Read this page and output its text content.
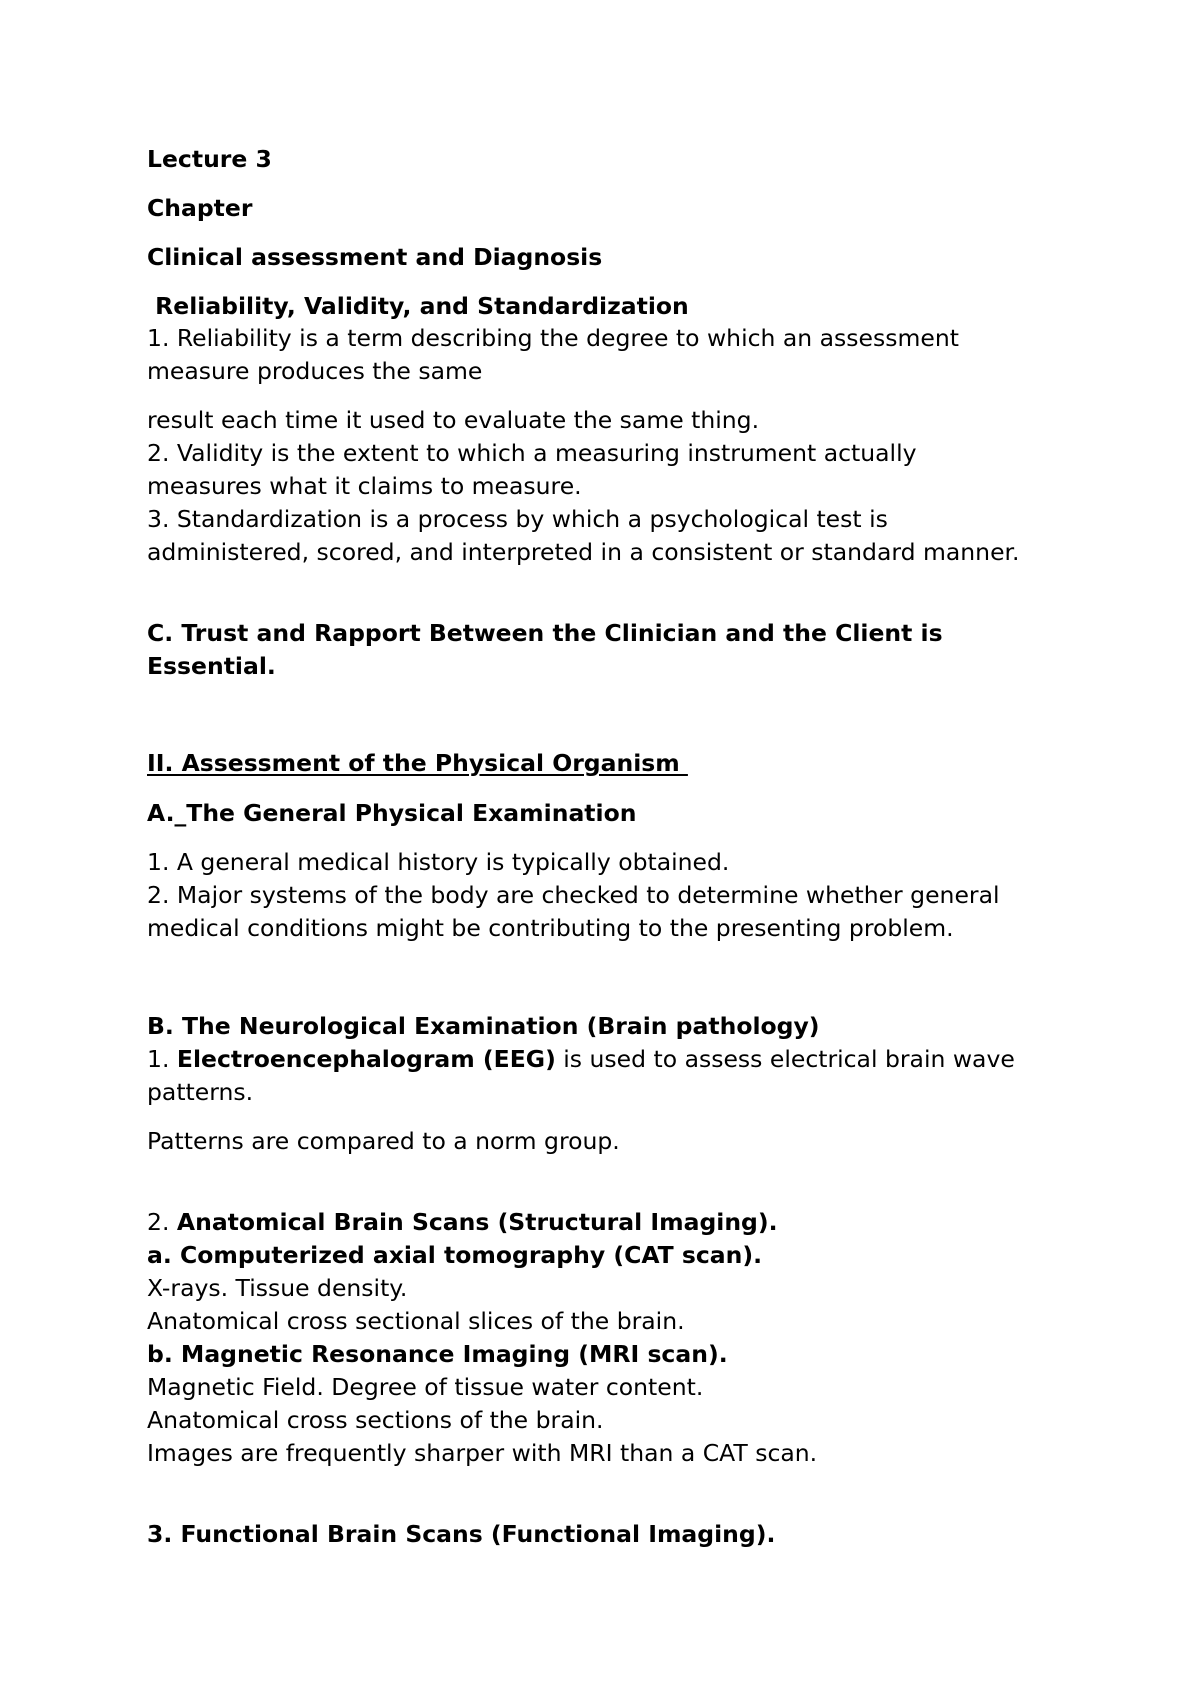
Lecture 3
Chapter
Clinical assessment and Diagnosis
Reliability, Validity, and Standardization
1. Reliability is a term describing the degree to which an assessment
measure produces the same
result each time it used to evaluate the same thing.
2. Validity is the extent to which a measuring instrument actually
measures what it claims to measure.
3. Standardization is a process by which a psychological test is
administered, scored, and interpreted in a consistent or standard manner.
C. Trust and Rapport Between the Clinician and the Client is
Essential.
II. Assessment of the Physical Organism
A._The General Physical Examination
1. A general medical history is typically obtained.
2. Major systems of the body are checked to determine whether general
medical conditions might be contributing to the presenting problem.
B. The Neurological Examination (Brain pathology)
1. Electroencephalogram (EEG) is used to assess electrical brain wave
patterns.
Patterns are compared to a norm group.
2. Anatomical Brain Scans (Structural Imaging).
a. Computerized axial tomography (CAT scan).
X-rays. Tissue density.
Anatomical cross sectional slices of the brain.
b. Magnetic Resonance Imaging (MRI scan).
Magnetic Field. Degree of tissue water content.
Anatomical cross sections of the brain.
Images are frequently sharper with MRI than a CAT scan.
3. Functional Brain Scans (Functional Imaging).
